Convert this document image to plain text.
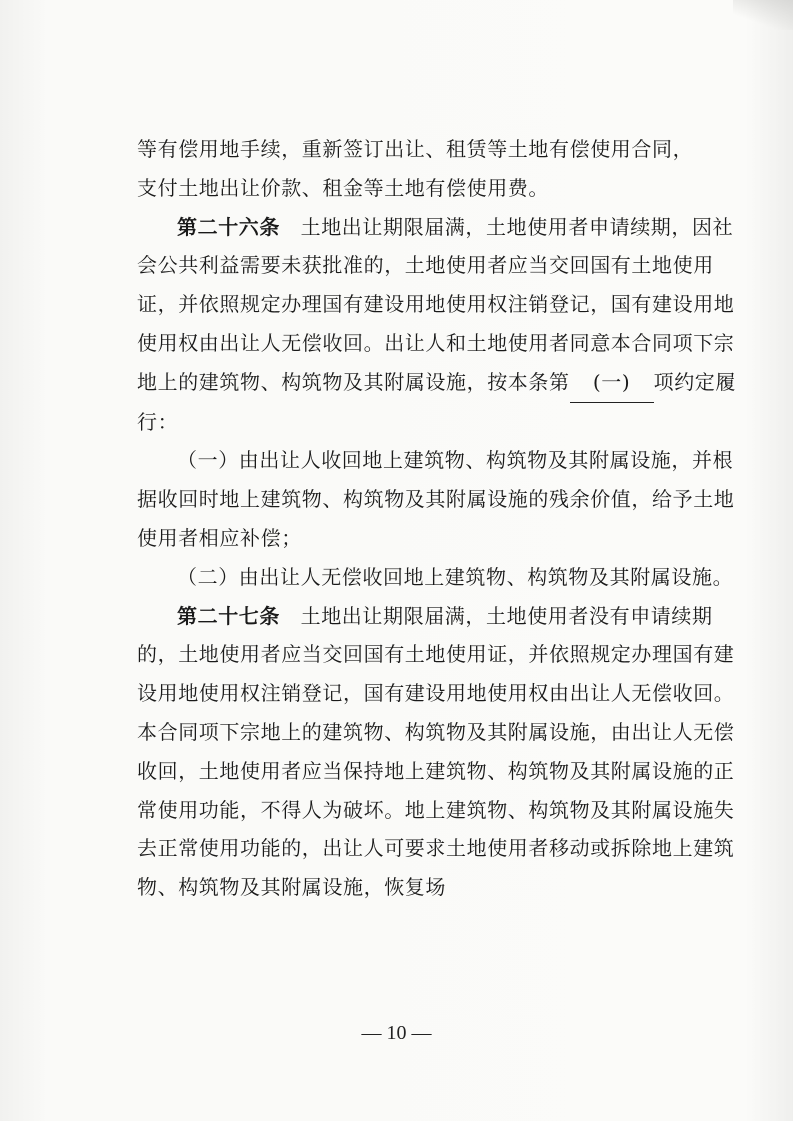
等有偿用地手续，重新签订出让、租赁等土地有偿使用合同，
支付土地出让价款、租金等土地有偿使用费。

第二十六条　土地出让期限届满，土地使用者申请续期，因社会公共利益需要未获批准的，土地使用者应当交回国有土地使用证，并依照规定办理国有建设用地使用权注销登记，国有建设用地使用权由出让人无偿收回。出让人和土地使用者同意本合同项下宗地上的建筑物、构筑物及其附属设施，按本条第 (一) 项约定履行：

（一）由出让人收回地上建筑物、构筑物及其附属设施，并根据收回时地上建筑物、构筑物及其附属设施的残余价值，给予土地使用者相应补偿；

（二）由出让人无偿收回地上建筑物、构筑物及其附属设施。

第二十七条　土地出让期限届满，土地使用者没有申请续期的，土地使用者应当交回国有土地使用证，并依照规定办理国有建设用地使用权注销登记，国有建设用地使用权由出让人无偿收回。本合同项下宗地上的建筑物、构筑物及其附属设施，由出让人无偿收回，土地使用者应当保持地上建筑物、构筑物及其附属设施的正常使用功能，不得人为破坏。地上建筑物、构筑物及其附属设施失去正常使用功能的，出让人可要求土地使用者移动或拆除地上建筑物、构筑物及其附属设施，恢复场

— 10 —
